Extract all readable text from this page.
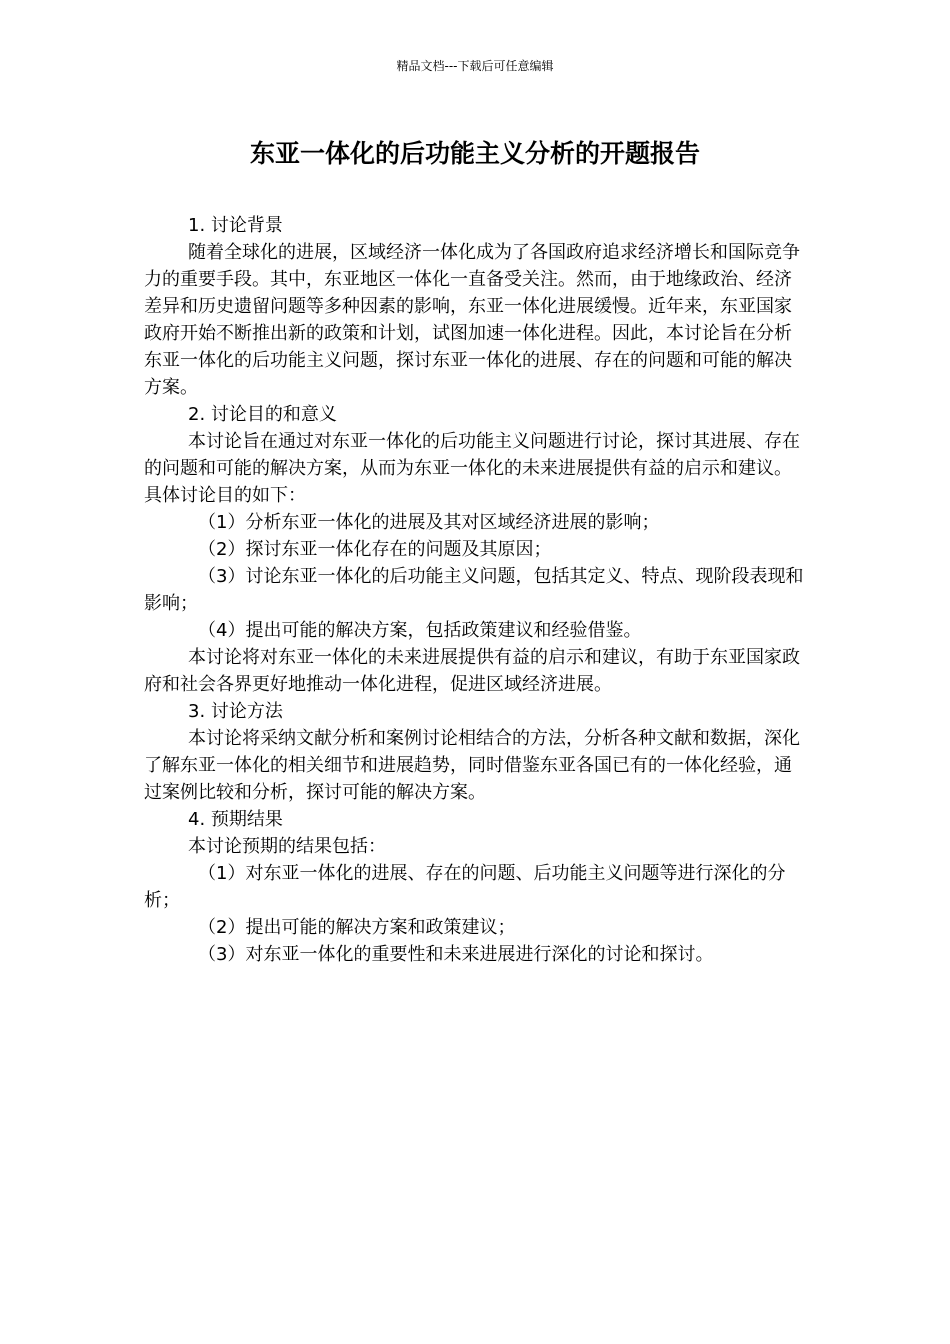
精品文档---下载后可任意编辑
东亚一体化的后功能主义分析的开题报告

1. 讨论背景

随着全球化的进展，区域经济一体化成为了各国政府追求经济增长和国际竞争力的重要手段。其中，东亚地区一体化一直备受关注。然而，由于地缘政治、经济差异和历史遗留问题等多种因素的影响，东亚一体化进展缓慢。近年来，东亚国家政府开始不断推出新的政策和计划，试图加速一体化进程。因此，本讨论旨在分析东亚一体化的后功能主义问题，探讨东亚一体化的进展、存在的问题和可能的解决方案。

2. 讨论目的和意义

本讨论旨在通过对东亚一体化的后功能主义问题进行讨论，探讨其进展、存在的问题和可能的解决方案，从而为东亚一体化的未来进展提供有益的启示和建议。具体讨论目的如下：

（1）分析东亚一体化的进展及其对区域经济进展的影响；

（2）探讨东亚一体化存在的问题及其原因；

（3）讨论东亚一体化的后功能主义问题，包括其定义、特点、现阶段表现和影响；

（4）提出可能的解决方案，包括政策建议和经验借鉴。

本讨论将对东亚一体化的未来进展提供有益的启示和建议，有助于东亚国家政府和社会各界更好地推动一体化进程，促进区域经济进展。

3. 讨论方法

本讨论将采纳文献分析和案例讨论相结合的方法，分析各种文献和数据，深化了解东亚一体化的相关细节和进展趋势，同时借鉴东亚各国已有的一体化经验，通过案例比较和分析，探讨可能的解决方案。

4. 预期结果

本讨论预期的结果包括：

（1）对东亚一体化的进展、存在的问题、后功能主义问题等进行深化的分析；

（2）提出可能的解决方案和政策建议；

（3）对东亚一体化的重要性和未来进展进行深化的讨论和探讨。
